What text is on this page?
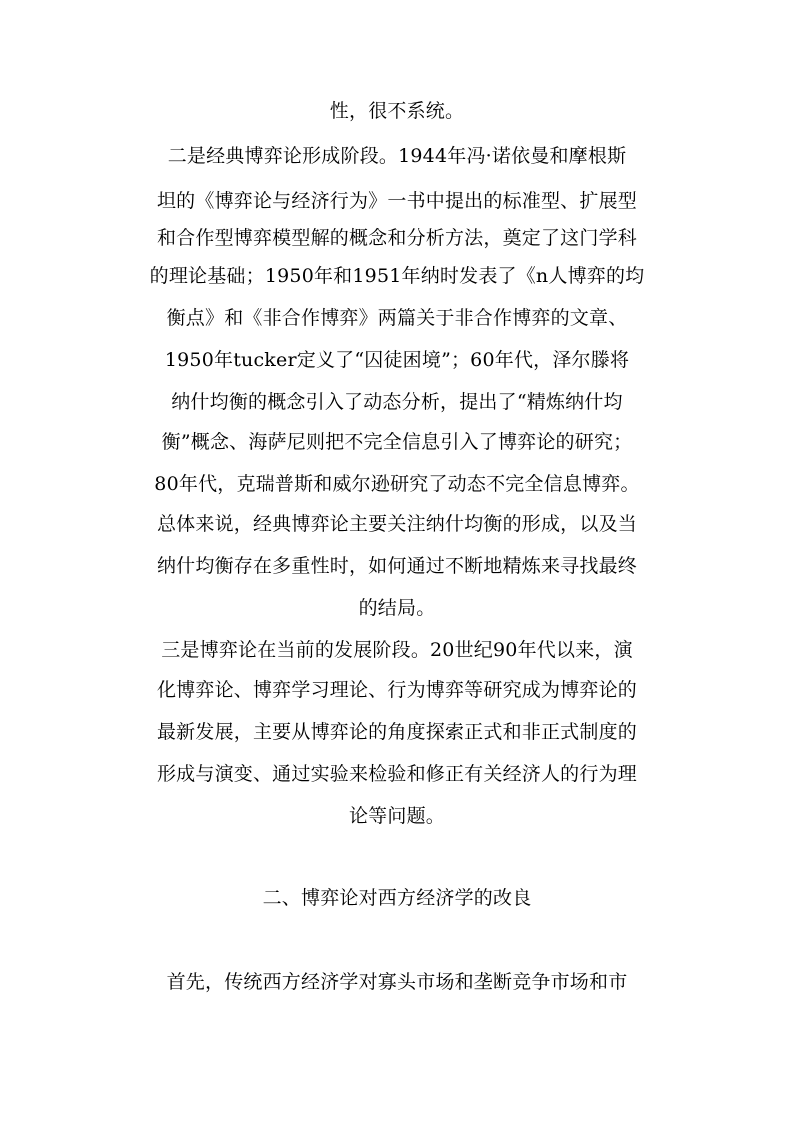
性，很不系统。
二是经典博弈论形成阶段。1944年冯·诺依曼和摩根斯
坦的《博弈论与经济行为》一书中提出的标准型、扩展型
和合作型博弈模型解的概念和分析方法，奠定了这门学科
的理论基础；1950年和1951年纳时发表了《n人博弈的均
衡点》和《非合作博弈》两篇关于非合作博弈的文章、
1950年tucker定义了“囚徒困境”；60年代，泽尔滕将
纳什均衡的概念引入了动态分析，提出了“精炼纳什均
衡”概念、海萨尼则把不完全信息引入了博弈论的研究；
80年代，克瑞普斯和威尔逊研究了动态不完全信息博弈。
总体来说，经典博弈论主要关注纳什均衡的形成，以及当
纳什均衡存在多重性时，如何通过不断地精炼来寻找最终
的结局。
三是博弈论在当前的发展阶段。20世纪90年代以来，演
化博弈论、博弈学习理论、行为博弈等研究成为博弈论的
最新发展，主要从博弈论的角度探索正式和非正式制度的
形成与演变、通过实验来检验和修正有关经济人的行为理
论等问题。
二、博弈论对西方经济学的改良
首先，传统西方经济学对寡头市场和垄断竞争市场和市
